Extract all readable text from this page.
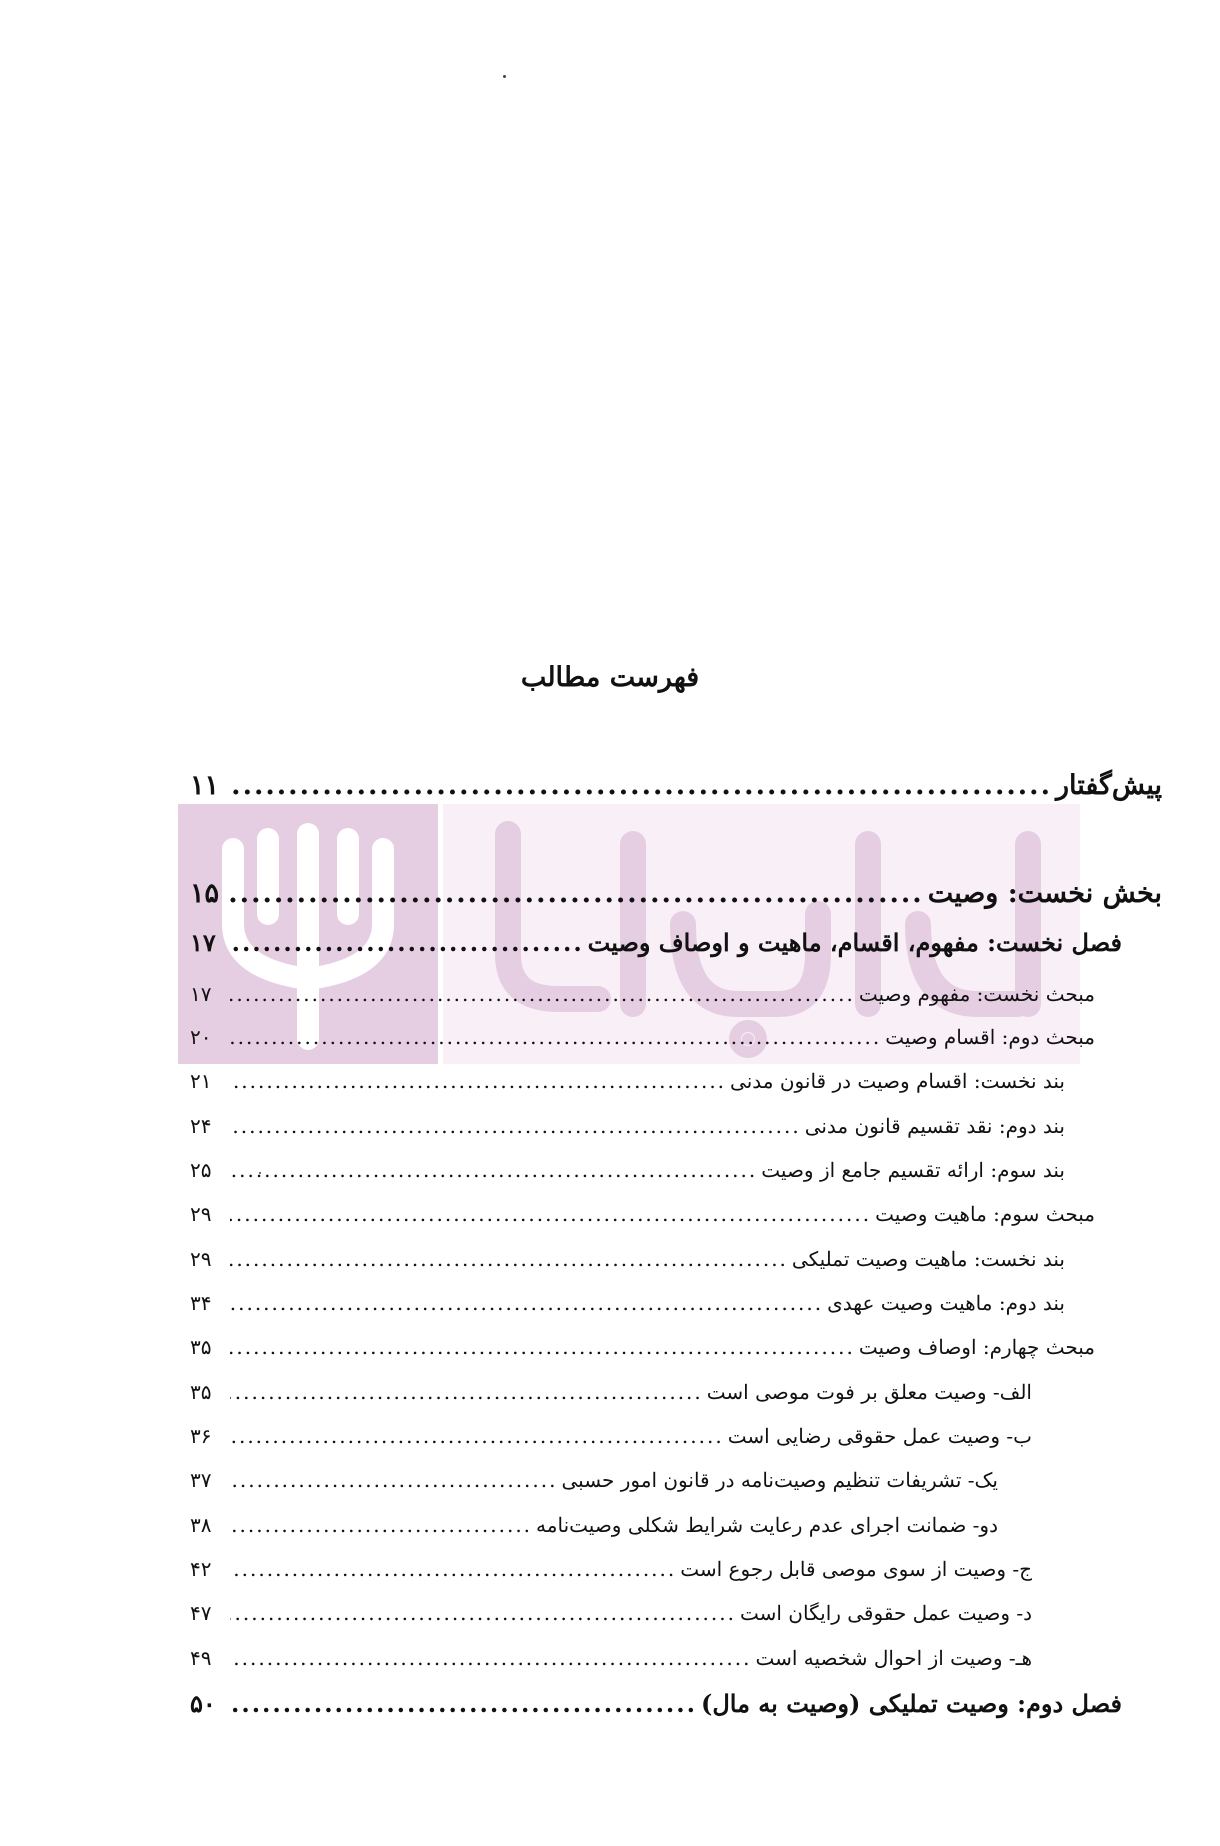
فهرست مطالب
پیش‌گفتار
.....
۱۱
بخش نخست: وصیت
.....
۱۵
فصل نخست: مفهوم، اقسام، ماهیت و اوصاف وصیت
.....
۱۷
مبحث نخست: مفهوم وصیت
.....
۱۷
مبحث دوم: اقسام وصیت
.....
۲۰
بند نخست: اقسام وصیت در قانون مدنی
.....
۲۱
بند دوم: نقد تقسیم قانون مدنی
.....
۲۴
بند سوم: ارائه تقسیم جامع از وصیت
.....
۲۵
مبحث سوم: ماهیت وصیت
.....
۲۹
بند نخست: ماهیت وصیت تملیکی
.....
۲۹
بند دوم: ماهیت وصیت عهدی
.....
۳۴
مبحث چهارم: اوصاف وصیت
.....
۳۵
الف- وصیت معلق بر فوت موصی است
.....
۳۵
ب- وصیت عمل حقوقی رضایی است
.....
۳۶
یک- تشریفات تنظیم وصیت‌نامه در قانون امور حسبی
.....
۳۷
دو- ضمانت اجرای عدم رعایت شرایط شکلی وصیت‌نامه
.....
۳۸
ج- وصیت از سوی موصی قابل رجوع است
.....
۴۲
د- وصیت عمل حقوقی رایگان است
.....
۴۷
هـ- وصیت از احوال شخصیه است
.....
۴۹
فصل دوم: وصیت تملیکی (وصیت به مال)
.....
۵۰
